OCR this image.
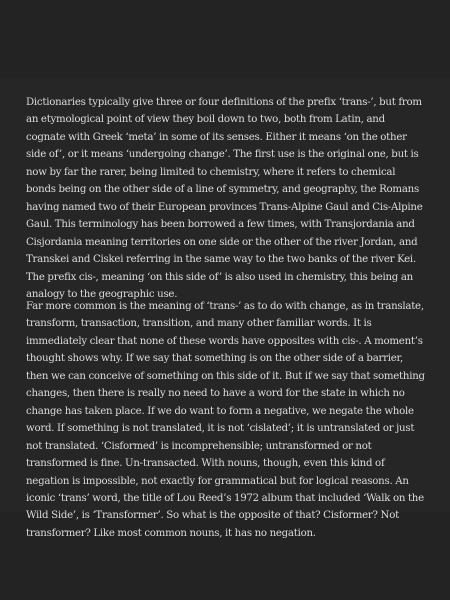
Dictionaries typically give three or four definitions of the prefix ‘trans-’, but from an etymological point of view they boil down to two, both from Latin, and cognate with Greek ‘meta’ in some of its senses. Either it means ‘on the other side of’, or it means ‘undergoing change’. The first use is the original one, but is now by far the rarer, being limited to chemistry, where it refers to chemical bonds being on the other side of a line of symmetry, and geography, the Romans having named two of their European provinces Trans-Alpine Gaul and Cis-Alpine Gaul. This terminology has been borrowed a few times, with Transjordania and Cisjordania meaning territories on one side or the other of the river Jordan, and Transkei and Ciskei referring in the same way to the two banks of the river Kei. The prefix cis-, meaning ‘on this side of’ is also used in chemistry, this being an analogy to the geographic use.

Far more common is the meaning of ‘trans-’ as to do with change, as in translate, transform, transaction, transition, and many other familiar words. It is immediately clear that none of these words have opposites with cis-. A moment’s thought shows why. If we say that something is on the other side of a barrier, then we can conceive of something on this side of it. But if we say that something changes, then there is really no need to have a word for the state in which no change has taken place. If we do want to form a negative, we negate the whole word. If something is not translated, it is not ‘cislated’; it is untranslated or just not translated. ‘Cisformed’ is incomprehensible; untransformed or not transformed is fine. Un-transacted. With nouns, though, even this kind of negation is impossible, not exactly for grammatical but for logical reasons. An iconic ‘trans’ word, the title of Lou Reed’s 1972 album that included ‘Walk on the Wild Side’, is ‘Transformer’. So what is the opposite of that? Cisformer? Not transformer? Like most common nouns, it has no negation.
